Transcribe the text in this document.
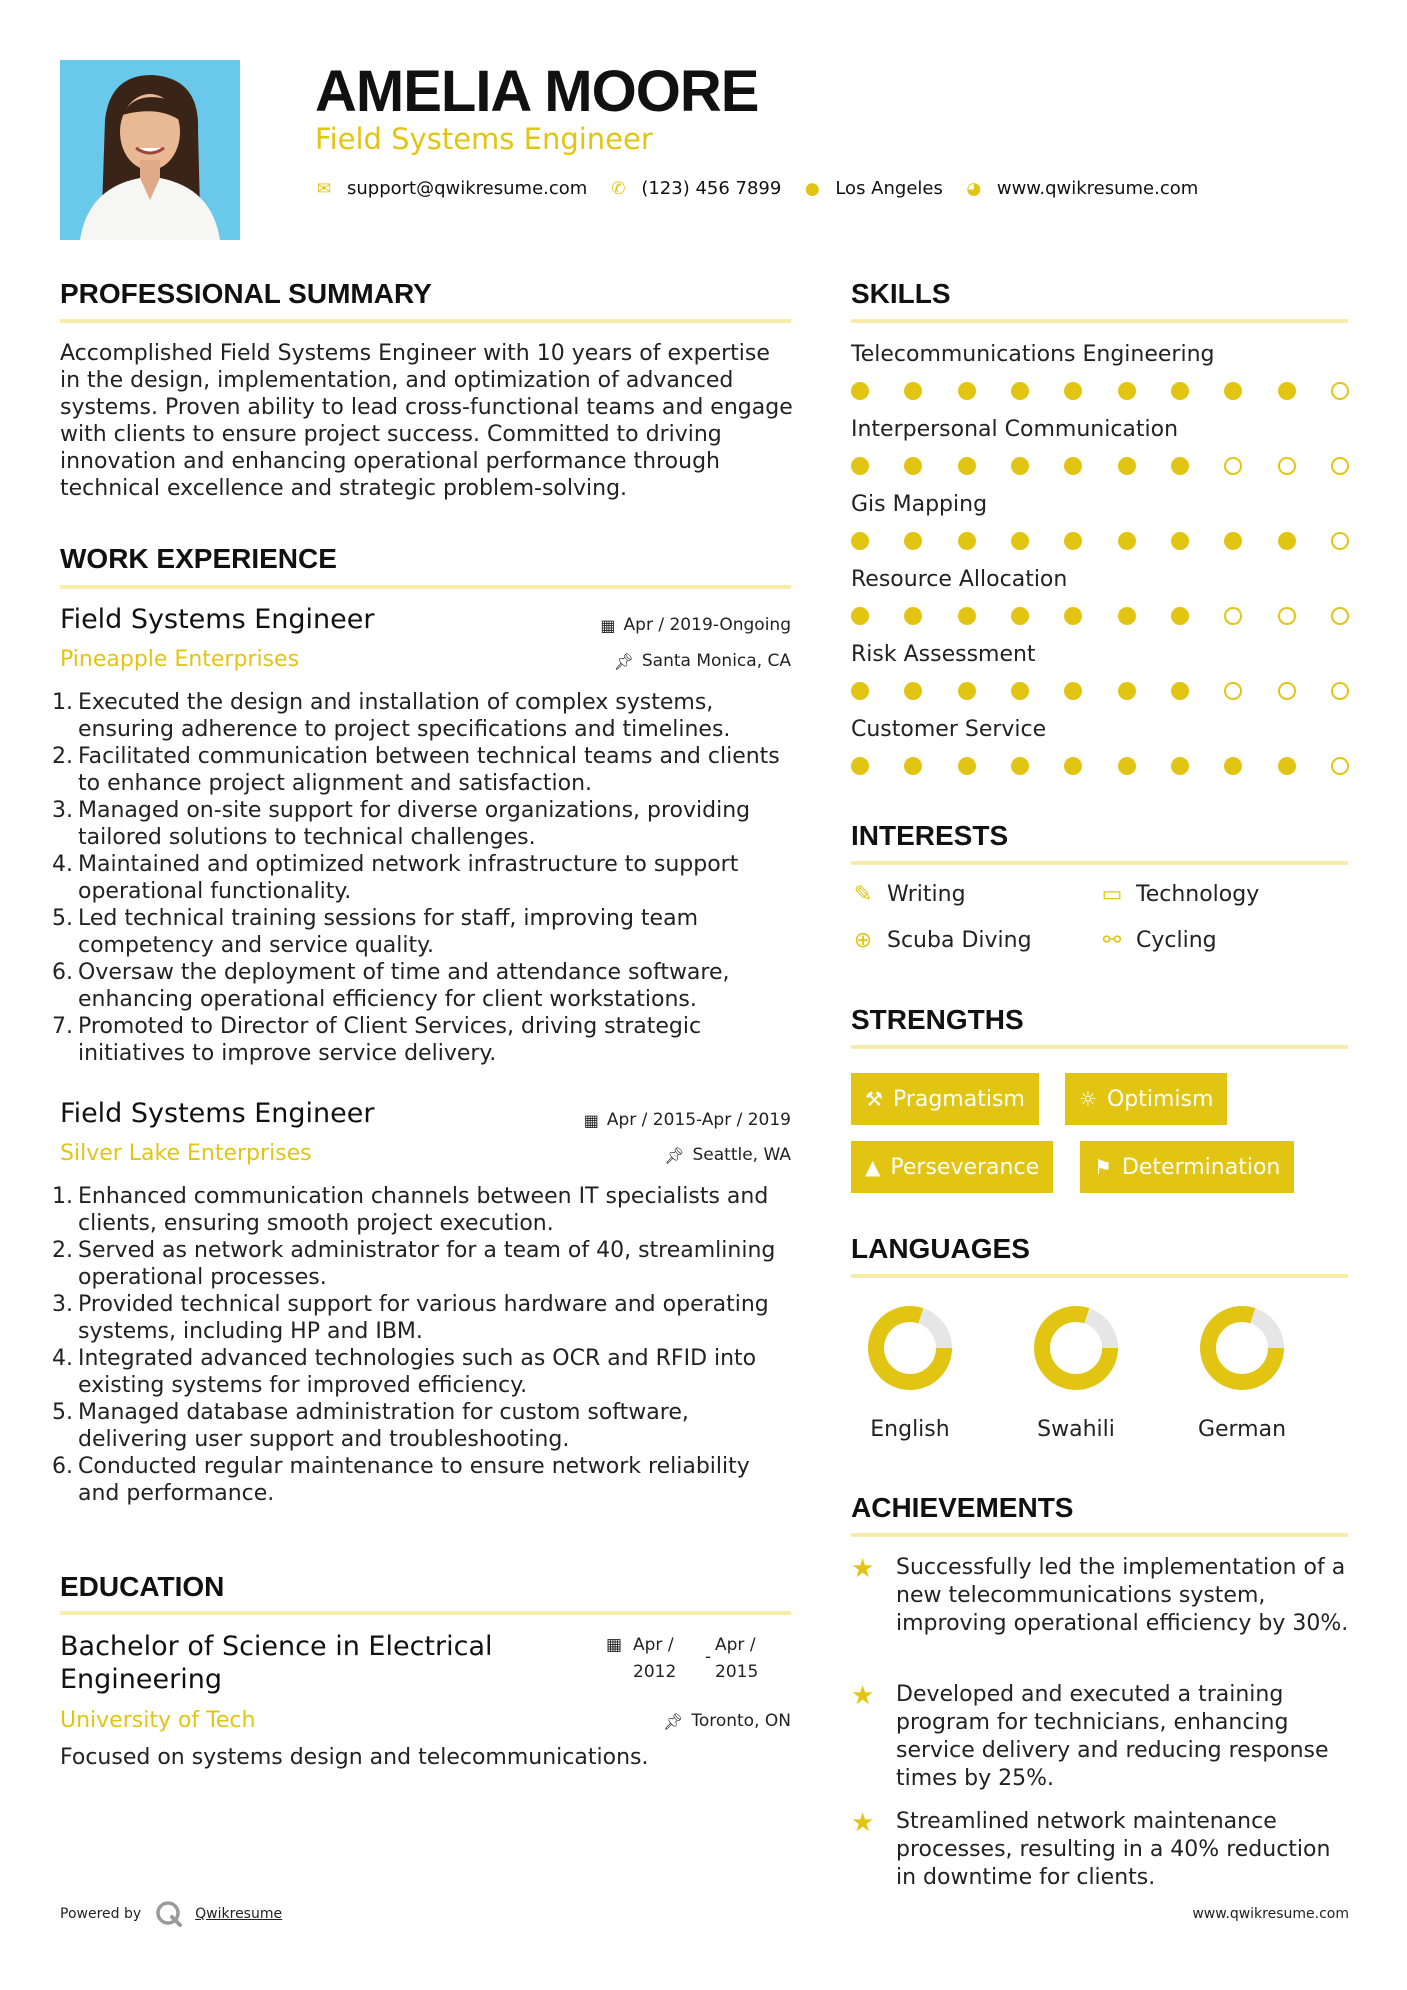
AMELIA MOORE
Field Systems Engineer
✉ support@qwikresume.com ✆ (123) 456 7899 ● Los Angeles ◕ www.qwikresume.com
PROFESSIONAL SUMMARY
Accomplished Field Systems Engineer with 10 years of expertise in the design, implementation, and optimization of advanced systems. Proven ability to lead cross-functional teams and engage with clients to ensure project success. Committed to driving innovation and enhancing operational performance through technical excellence and strategic problem-solving.
WORK EXPERIENCE
Field Systems Engineer	▦ Apr / 2019-Ongoing
Pineapple Enterprises	📌︎ Santa Monica, CA
1. Executed the design and installation of complex systems, ensuring adherence to project specifications and timelines.
2. Facilitated communication between technical teams and clients to enhance project alignment and satisfaction.
3. Managed on-site support for diverse organizations, providing tailored solutions to technical challenges.
4. Maintained and optimized network infrastructure to support operational functionality.
5. Led technical training sessions for staff, improving team competency and service quality.
6. Oversaw the deployment of time and attendance software, enhancing operational efficiency for client workstations.
7. Promoted to Director of Client Services, driving strategic initiatives to improve service delivery.
Field Systems Engineer	▦ Apr / 2015-Apr / 2019
Silver Lake Enterprises	📌︎ Seattle, WA
1. Enhanced communication channels between IT specialists and clients, ensuring smooth project execution.
2. Served as network administrator for a team of 40, streamlining operational processes.
3. Provided technical support for various hardware and operating systems, including HP and IBM.
4. Integrated advanced technologies such as OCR and RFID into existing systems for improved efficiency.
5. Managed database administration for custom software, delivering user support and troubleshooting.
6. Conducted regular maintenance to ensure network reliability and performance.
EDUCATION
Bachelor of Science in Electrical Engineering
▦ Apr / 2012
-
Apr / 2015
University of Tech	📌︎ Toronto, ON
Focused on systems design and telecommunications.
SKILLS
Telecommunications Engineering
Interpersonal Communication
Gis Mapping
Resource Allocation
Risk Assessment
Customer Service
INTERESTS
✎ Writing	▭ Technology
⊕ Scuba Diving	⚯ Cycling
STRENGTHS
⚒ Pragmatism	☼ Optimism
▲ Perseverance	⚑ Determination
LANGUAGES
English	Swahili	German
ACHIEVEMENTS
★ Successfully led the implementation of a new telecommunications system, improving operational efficiency by 30%.
★ Developed and executed a training program for technicians, enhancing service delivery and reducing response times by 25%.
★ Streamlined network maintenance processes, resulting in a 40% reduction in downtime for clients.
Powered by	Qwikresume	www.qwikresume.com
